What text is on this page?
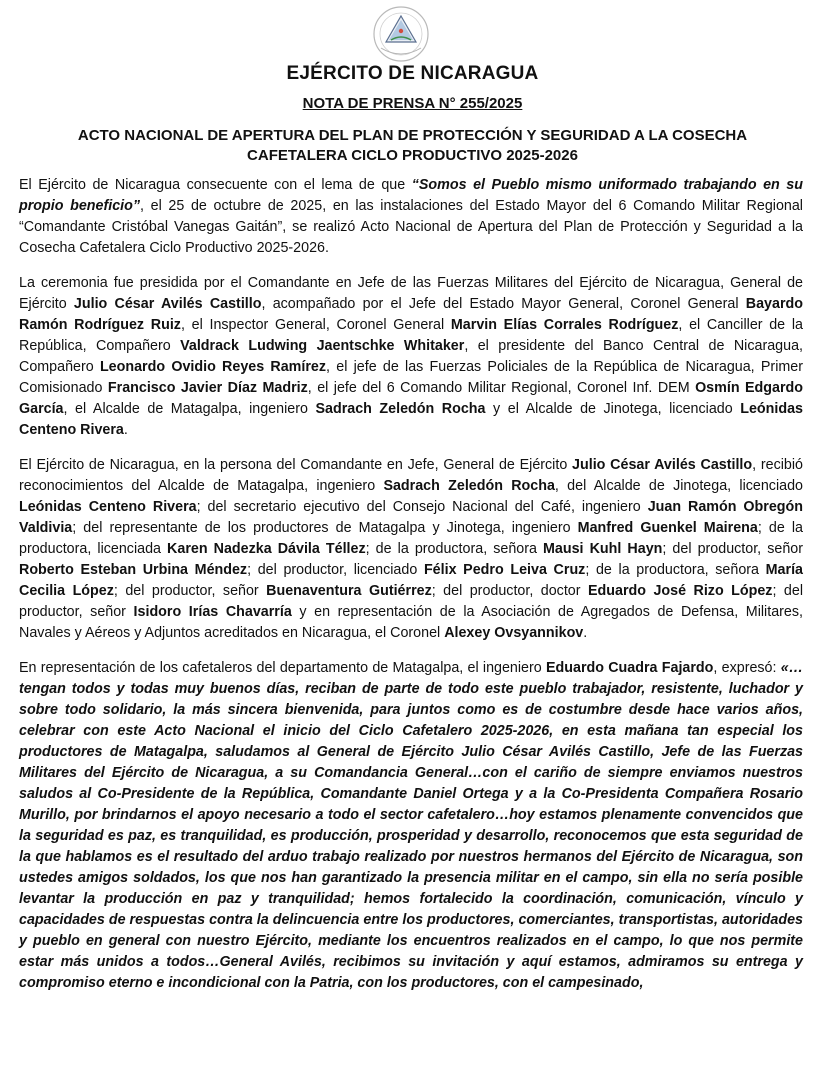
EJÉRCITO DE NICARAGUA
NOTA DE PRENSA N° 255/2025
ACTO NACIONAL DE APERTURA DEL PLAN DE PROTECCIÓN Y SEGURIDAD A LA COSECHA CAFETALERA CICLO PRODUCTIVO 2025-2026

El Ejército de Nicaragua consecuente con el lema de que “Somos el Pueblo mismo uniformado trabajando en su propio beneficio”, el 25 de octubre de 2025, en las instalaciones del Estado Mayor del 6 Comando Militar Regional “Comandante Cristóbal Vanegas Gaitán”, se realizó Acto Nacional de Apertura del Plan de Protección y Seguridad a la Cosecha Cafetalera Ciclo Productivo 2025-2026.

La ceremonia fue presidida por el Comandante en Jefe de las Fuerzas Militares del Ejército de Nicaragua, General de Ejército Julio César Avilés Castillo, acompañado por el Jefe del Estado Mayor General, Coronel General Bayardo Ramón Rodríguez Ruiz, el Inspector General, Coronel General Marvin Elías Corrales Rodríguez, el Canciller de la República, Compañero Valdrack Ludwing Jaentschke Whitaker, el presidente del Banco Central de Nicaragua, Compañero Leonardo Ovidio Reyes Ramírez, el jefe de las Fuerzas Policiales de la República de Nicaragua, Primer Comisionado Francisco Javier Díaz Madriz, el jefe del 6 Comando Militar Regional, Coronel Inf. DEM Osmín Edgardo García, el Alcalde de Matagalpa, ingeniero Sadrach Zeledón Rocha y el Alcalde de Jinotega, licenciado Leónidas Centeno Rivera.

El Ejército de Nicaragua, en la persona del Comandante en Jefe, General de Ejército Julio César Avilés Castillo, recibió reconocimientos del Alcalde de Matagalpa, ingeniero Sadrach Zeledón Rocha, del Alcalde de Jinotega, licenciado Leónidas Centeno Rivera; del secretario ejecutivo del Consejo Nacional del Café, ingeniero Juan Ramón Obregón Valdivia; del representante de los productores de Matagalpa y Jinotega, ingeniero Manfred Guenkel Mairena; de la productora, licenciada Karen Nadezka Dávila Téllez; de la productora, señora Mausi Kuhl Hayn; del productor, señor Roberto Esteban Urbina Méndez; del productor, licenciado Félix Pedro Leiva Cruz; de la productora, señora María Cecilia López; del productor, señor Buenaventura Gutiérrez; del productor, doctor Eduardo José Rizo López; del productor, señor Isidoro Irías Chavarría y en representación de la Asociación de Agregados de Defensa, Militares, Navales y Aéreos y Adjuntos acreditados en Nicaragua, el Coronel Alexey Ovsyannikov.

En representación de los cafetaleros del departamento de Matagalpa, el ingeniero Eduardo Cuadra Fajardo, expresó: «…tengan todos y todas muy buenos días, reciban de parte de todo este pueblo trabajador, resistente, luchador y sobre todo solidario, la más sincera bienvenida, para juntos como es de costumbre desde hace varios años, celebrar con este Acto Nacional el inicio del Ciclo Cafetalero 2025-2026, en esta mañana tan especial los productores de Matagalpa, saludamos al General de Ejército Julio César Avilés Castillo, Jefe de las Fuerzas Militares del Ejército de Nicaragua, a su Comandancia General…con el cariño de siempre enviamos nuestros saludos al Co-Presidente de la República, Comandante Daniel Ortega y a la Co-Presidenta Compañera Rosario Murillo, por brindarnos el apoyo necesario a todo el sector cafetalero…hoy estamos plenamente convencidos que la seguridad es paz, es tranquilidad, es producción, prosperidad y desarrollo, reconocemos que esta seguridad de la que hablamos es el resultado del arduo trabajo realizado por nuestros hermanos del Ejército de Nicaragua, son ustedes amigos soldados, los que nos han garantizado la presencia militar en el campo, sin ella no sería posible levantar la producción en paz y tranquilidad; hemos fortalecido la coordinación, comunicación, vínculo y capacidades de respuestas contra la delincuencia entre los productores, comerciantes, transportistas, autoridades y pueblo en general con nuestro Ejército, mediante los encuentros realizados en el campo, lo que nos permite estar más unidos a todos…General Avilés, recibimos su invitación y aquí estamos, admiramos su entrega y compromiso eterno e incondicional con la Patria, con los productores, con el campesinado,
